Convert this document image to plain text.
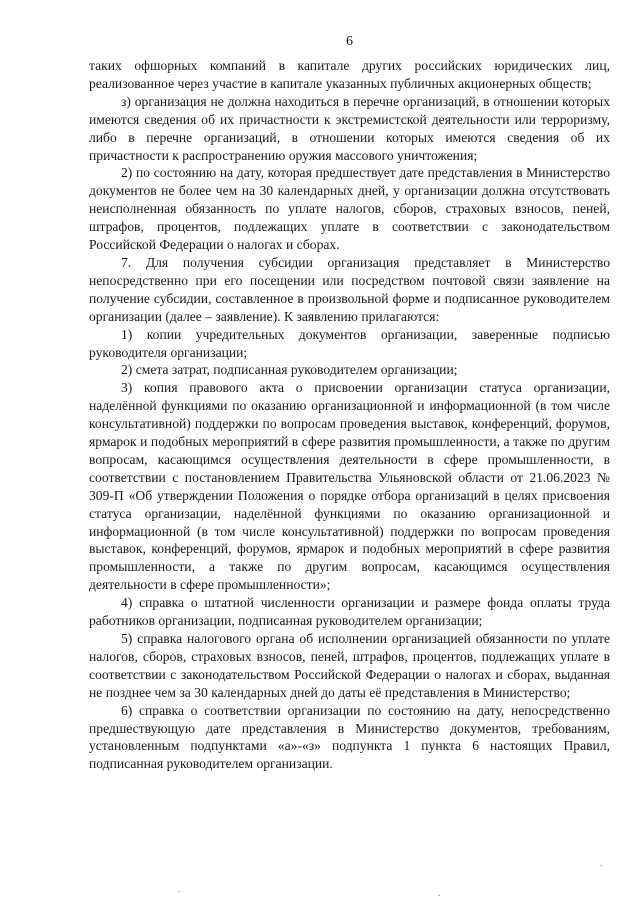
6

таких офшорных компаний в капитале других российских юридических лиц, реализованное через участие в капитале указанных публичных акционерных обществ;

з) организация не должна находиться в перечне организаций, в отношении которых имеются сведения об их причастности к экстремистской деятельности или терроризму, либо в перечне организаций, в отношении которых имеются сведения об их причастности к распространению оружия массового уничтожения;

2) по состоянию на дату, которая предшествует дате представления в Министерство документов не более чем на 30 календарных дней, у организации должна отсутствовать неисполненная обязанность по уплате налогов, сборов, страховых взносов, пеней, штрафов, процентов, подлежащих уплате в соответствии с законодательством Российской Федерации о налогах и сборах.

7. Для получения субсидии организация представляет в Министерство непосредственно при его посещении или посредством почтовой связи заявление на получение субсидии, составленное в произвольной форме и подписанное руководителем организации (далее – заявление). К заявлению прилагаются:

1) копии учредительных документов организации, заверенные подписью руководителя организации;

2) смета затрат, подписанная руководителем организации;

3) копия правового акта о присвоении организации статуса организации, наделённой функциями по оказанию организационной и информационной (в том числе консультативной) поддержки по вопросам проведения выставок, конференций, форумов, ярмарок и подобных мероприятий в сфере развития промышленности, а также по другим вопросам, касающимся осуществления деятельности в сфере промышленности, в соответствии с постановлением Правительства Ульяновской области от 21.06.2023 № 309-П «Об утверждении Положения о порядке отбора организаций в целях присвоения статуса организации, наделённой функциями по оказанию организационной и информационной (в том числе консультативной) поддержки по вопросам проведения выставок, конференций, форумов, ярмарок и подобных мероприятий в сфере развития промышленности, а также по другим вопросам, касающимся осуществления деятельности в сфере промышленности»;

4) справка о штатной численности организации и размере фонда оплаты труда работников организации, подписанная руководителем организации;

5) справка налогового органа об исполнении организацией обязанности по уплате налогов, сборов, страховых взносов, пеней, штрафов, процентов, подлежащих уплате в соответствии с законодательством Российской Федерации о налогах и сборах, выданная не позднее чем за 30 календарных дней до даты её представления в Министерство;

6) справка о соответствии организации по состоянию на дату, непосредственно предшествующую дате представления в Министерство документов, требованиям, установленным подпунктами «а»-«з» подпункта 1 пункта 6 настоящих Правил, подписанная руководителем организации.

.
.	.
